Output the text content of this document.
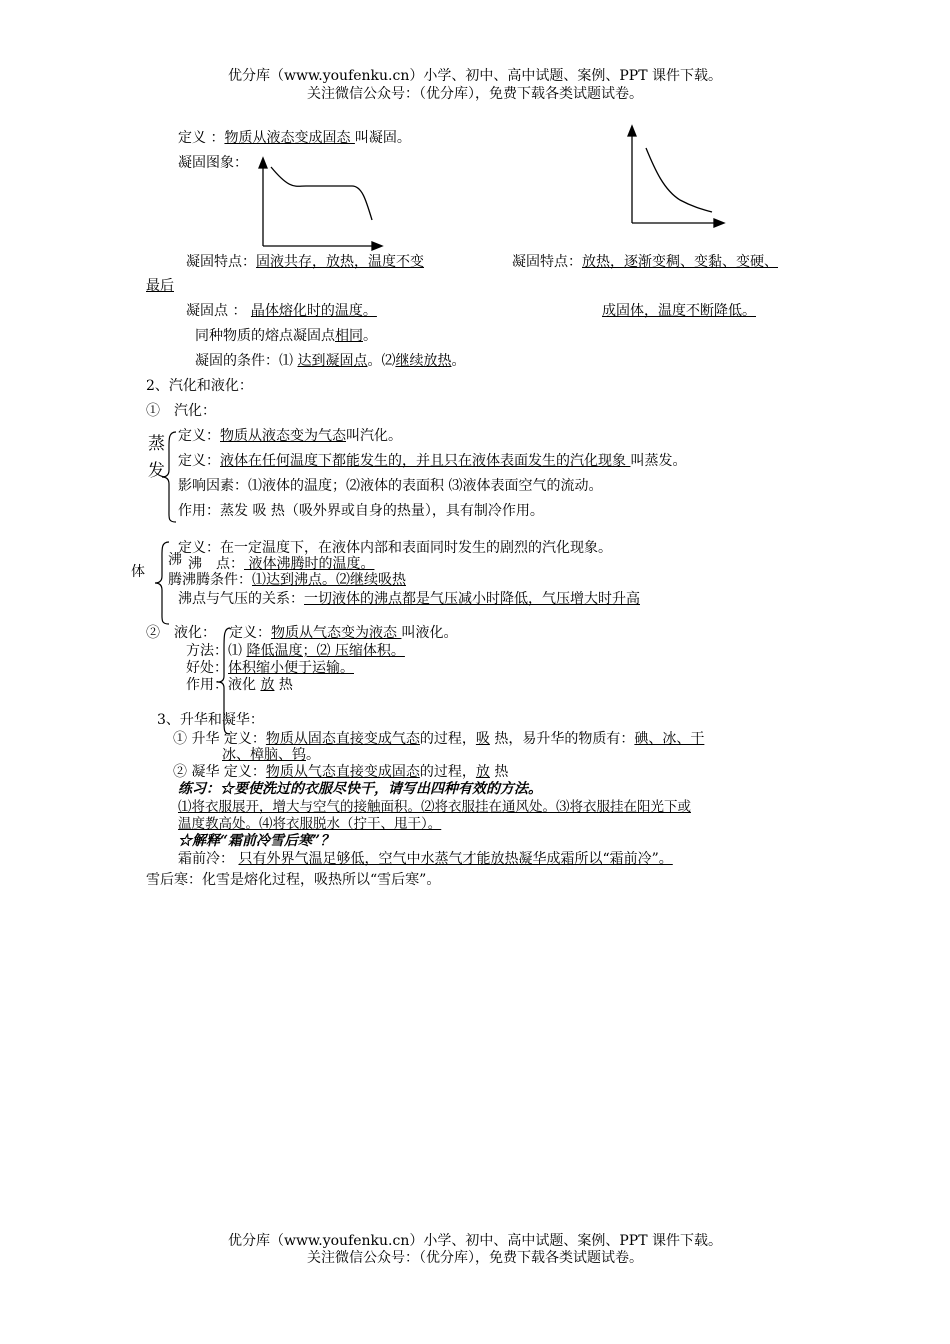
优分库（www.youfenku.cn）小学、初中、高中试题、案例、PPT 课件下载。
关注微信公众号：（优分库），免费下载各类试题试卷。
定义 ：物质从液态变成固态 叫凝固。
凝固图象：
凝固特点：固液共存，放热，温度不变	凝固特点：放热，逐渐变稠、变黏、变硬、
最后
凝固点 ： 晶体熔化时的温度。	成固体，温度不断降低。
同种物质的熔点凝固点相同。
凝固的条件：⑴ 达到凝固点。⑵继续放热。
2、汽化和液化：
①　汽化：
定义：物质从液态变为气态叫汽化。
蒸
发 定义：液体在任何温度下都能发生的，并且只在液体表面发生的汽化现象 叫蒸发。
影响因素：⑴液体的温度；⑵液体的表面积 ⑶液体表面空气的流动。
作用：蒸发 吸 热（吸外界或自身的热量），具有制冷作用。
体
沸
定义：在一定温度下，在液体内部和表面同时发生的剧烈的汽化现象。
沸　点： 液体沸腾时的温度。
腾沸腾条件：⑴达到沸点。⑵继续吸热
沸点与气压的关系：一切液体的沸点都是气压减小时降低，气压增大时升高
②　液化： 定义：物质从气态变为液态 叫液化。
方法：⑴ 降低温度；⑵ 压缩体积。
好处：体积缩小便于运输。
作用：液化 放 热
3、升华和凝华：
① 升华 定义：物质从固态直接变成气态的过程，吸 热，易升华的物质有：碘、冰、干
冰、樟脑、钨。
② 凝华 定义：物质从气态直接变成固态的过程，放 热
练习：☆要使洗过的衣服尽快干，请写出四种有效的方法。
⑴将衣服展开，增大与空气的接触面积。⑵将衣服挂在通风处。⑶将衣服挂在阳光下或
温度教高处。⑷将衣服脱水（拧干、甩干）。
☆解释“霜前冷雪后寒”？
霜前冷： 只有外界气温足够低，空气中水蒸气才能放热凝华成霜所以“霜前冷”。
雪后寒：化雪是熔化过程，吸热所以“雪后寒”。
优分库（www.youfenku.cn）小学、初中、高中试题、案例、PPT 课件下载。
关注微信公众号：（优分库），免费下载各类试题试卷。
